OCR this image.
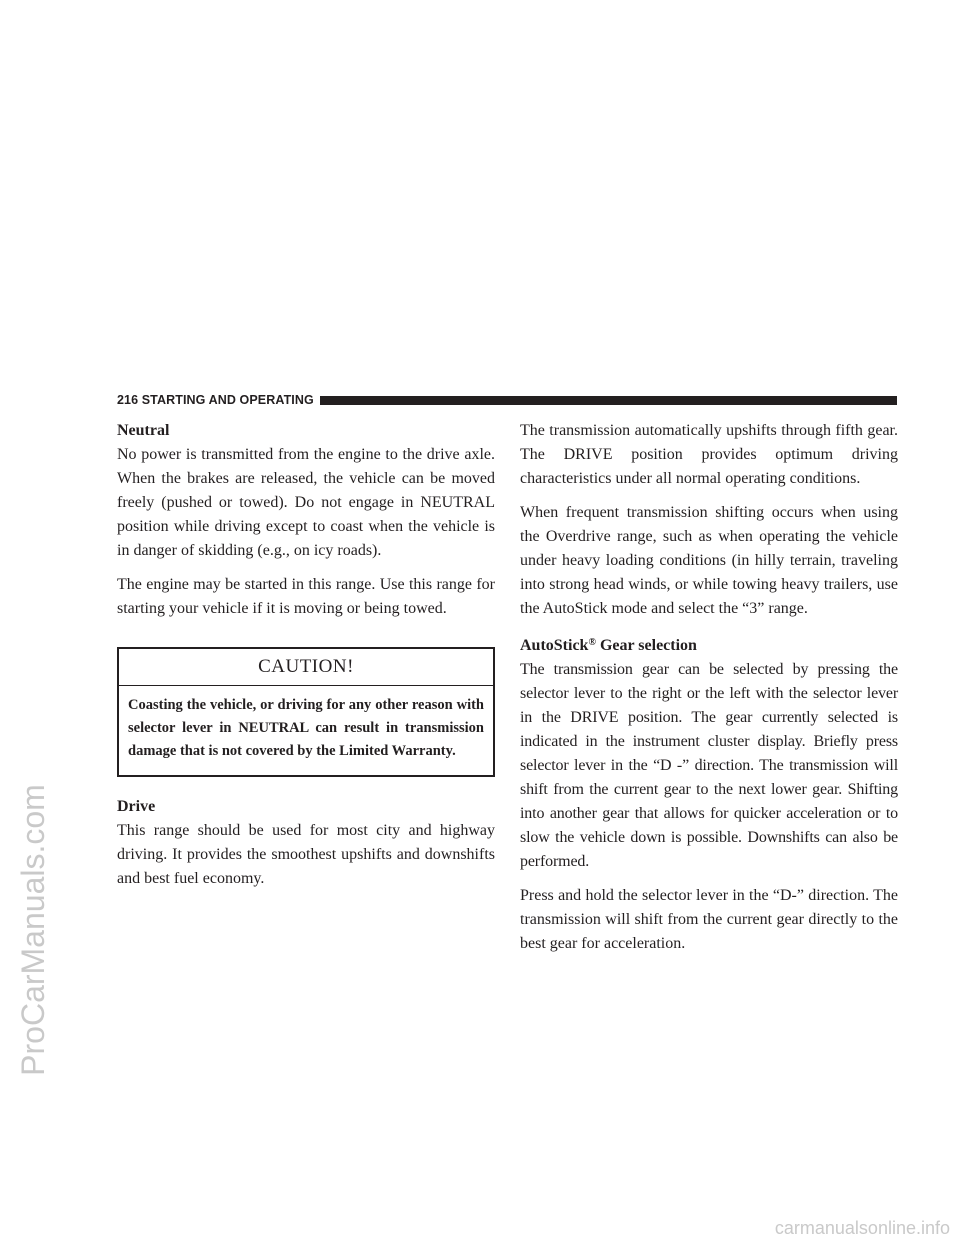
216 STARTING AND OPERATING

Neutral

No power is transmitted from the engine to the drive axle. When the brakes are released, the vehicle can be moved freely (pushed or towed). Do not engage in NEUTRAL position while driving except to coast when the vehicle is in danger of skidding (e.g., on icy roads).

The engine may be started in this range. Use this range for starting your vehicle if it is moving or being towed.

CAUTION!
Coasting the vehicle, or driving for any other reason with selector lever in NEUTRAL can result in transmission damage that is not covered by the Limited Warranty.

Drive

This range should be used for most city and highway driving. It provides the smoothest upshifts and downshifts and best fuel economy.

The transmission automatically upshifts through fifth gear. The DRIVE position provides optimum driving characteristics under all normal operating conditions.

When frequent transmission shifting occurs when using the Overdrive range, such as when operating the vehicle under heavy loading conditions (in hilly terrain, traveling into strong head winds, or while towing heavy trailers, use the AutoStick mode and select the “3” range.

AutoStick® Gear selection

The transmission gear can be selected by pressing the selector lever to the right or the left with the selector lever in the DRIVE position. The gear currently selected is indicated in the instrument cluster display. Briefly press selector lever in the “D -” direction. The transmission will shift from the current gear to the next lower gear. Shifting into another gear that allows for quicker acceleration or to slow the vehicle down is possible. Downshifts can also be performed.

Press and hold the selector lever in the “D-” direction. The transmission will shift from the current gear directly to the best gear for acceleration.

ProCarManuals.com
carmanualsonline.info
